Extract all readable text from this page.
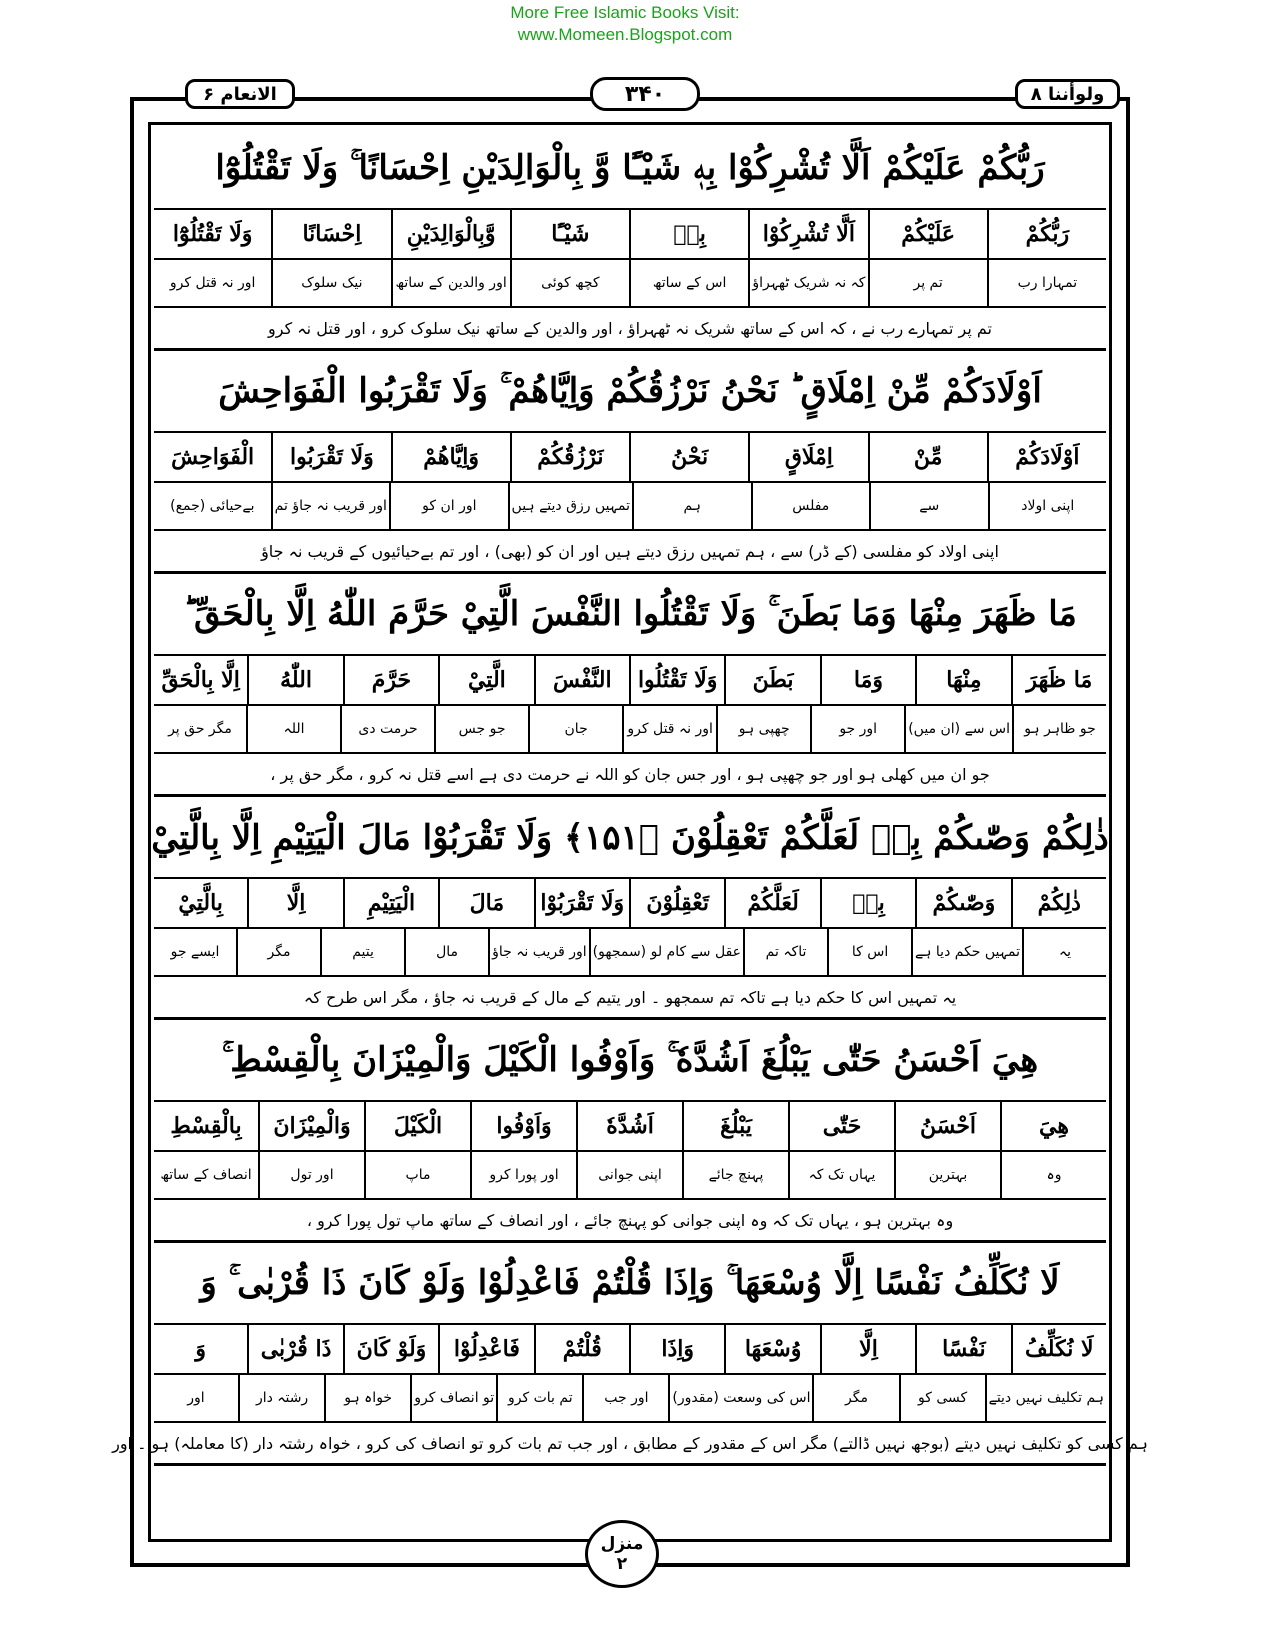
More Free Islamic Books Visit:
www.Momeen.Blogspot.com
الانعام ۶	۳۴۰	ولوأننا ۸
رَبُّكُمْ عَلَيْكُمْ اَلَّا تُشْرِكُوْا بِهٖ شَيْـًٔا وَّ بِالْوَالِدَيْنِ اِحْسَانًا ۚ وَلَا تَقْتُلُوْٓا
رَبُّكُمْ
عَلَيْكُمْ
اَلَّا تُشْرِكُوْا
بِهٖ
شَيْـًٔا
وَّبِالْوَالِدَيْنِ
اِحْسَانًا
وَلَا تَقْتُلُوْٓا
تمہارا رب
تم پر
کہ نہ شریک ٹھہراؤ
اس کے ساتھ
کچھ کوئی
اور والدین کے ساتھ
نیک سلوک
اور نہ قتل کرو
تم پر تمہارے رب نے ، کہ اس کے ساتھ شریک نہ ٹھہراؤ ، اور والدین کے ساتھ نیک سلوک کرو ، اور قتل نہ کرو
اَوْلَادَكُمْ مِّنْ اِمْلَاقٍ ؕ نَحْنُ نَرْزُقُكُمْ وَاِيَّاهُمْ ۚ وَلَا تَقْرَبُوا الْفَوَاحِشَ
اَوْلَادَكُمْ
مِّنْ
اِمْلَاقٍ
نَحْنُ
نَرْزُقُكُمْ
وَاِيَّاهُمْ
وَلَا تَقْرَبُوا
الْفَوَاحِشَ
اپنی اولاد
سے
مفلس
ہم
تمہیں رزق دیتے ہیں
اور ان کو
اور قریب نہ جاؤ تم
بےحیائی (جمع)
اپنی اولاد کو مفلسی (کے ڈر) سے ، ہم تمہیں رزق دیتے ہیں اور ان کو (بھی) ، اور تم بےحیائیوں کے قریب نہ جاؤ
مَا ظَهَرَ مِنْهَا وَمَا بَطَنَ ۚ وَلَا تَقْتُلُوا النَّفْسَ الَّتِيْ حَرَّمَ اللّٰهُ اِلَّا بِالْحَقِّ ؕ
مَا ظَهَرَ
مِنْهَا
وَمَا
بَطَنَ
وَلَا تَقْتُلُوا
النَّفْسَ
الَّتِيْ
حَرَّمَ
اللّٰهُ
اِلَّا بِالْحَقِّ
جو ظاہر ہو
اس سے (ان میں)
اور جو
چھپی ہو
اور نہ قتل کرو
جان
جو جس
حرمت دی
اللہ
مگر حق پر
جو ان میں کھلی ہو اور جو چھپی ہو ، اور جس جان کو اللہ نے حرمت دی ہے اسے قتل نہ کرو ، مگر حق پر ،
ذٰلِكُمْ وَصّٰىكُمْ بِهٖ لَعَلَّكُمْ تَعْقِلُوْنَ ﴿۱۵۱﴾ وَلَا تَقْرَبُوْا مَالَ الْيَتِيْمِ اِلَّا بِالَّتِيْ
ذٰلِكُمْ
وَصّٰىكُمْ
بِهٖ
لَعَلَّكُمْ
تَعْقِلُوْنَ
وَلَا تَقْرَبُوْا
مَالَ
الْيَتِيْمِ
اِلَّا
بِالَّتِيْ
یہ
تمہیں حکم دیا ہے
اس کا
تاکہ تم
عقل سے کام لو (سمجھو)
اور قریب نہ جاؤ
مال
یتیم
مگر
ایسے جو
یہ تمہیں اس کا حکم دیا ہے تاکہ تم سمجھو ۔ اور یتیم کے مال کے قریب نہ جاؤ ، مگر اس طرح کہ
هِيَ اَحْسَنُ حَتّٰى يَبْلُغَ اَشُدَّهٗ ۚ وَاَوْفُوا الْكَيْلَ وَالْمِيْزَانَ بِالْقِسْطِ ۚ
هِيَ
اَحْسَنُ
حَتّٰى
يَبْلُغَ
اَشُدَّهٗ
وَاَوْفُوا
الْكَيْلَ
وَالْمِيْزَانَ
بِالْقِسْطِ
وہ
بہترین
یہاں تک کہ
پہنچ جائے
اپنی جوانی
اور پورا کرو
ماپ
اور تول
انصاف کے ساتھ
وہ بہترین ہو ، یہاں تک کہ وہ اپنی جوانی کو پہنچ جائے ، اور انصاف کے ساتھ ماپ تول پورا کرو ،
لَا نُكَلِّفُ نَفْسًا اِلَّا وُسْعَهَا ۚ وَاِذَا قُلْتُمْ فَاعْدِلُوْا وَلَوْ كَانَ ذَا قُرْبٰى ۚ وَ
لَا نُكَلِّفُ
نَفْسًا
اِلَّا
وُسْعَهَا
وَاِذَا
قُلْتُمْ
فَاعْدِلُوْا
وَلَوْ كَانَ
ذَا قُرْبٰى
وَ
ہم تکلیف نہیں دیتے
کسی کو
مگر
اس کی وسعت (مقدور)
اور جب
تم بات کرو
تو انصاف کرو
خواہ ہو
رشتہ دار
اور
ہم کسی کو تکلیف نہیں دیتے (بوجھ نہیں ڈالتے) مگر اس کے مقدور کے مطابق ، اور جب تم بات کرو تو انصاف کی کرو ، خواہ رشتہ دار (کا معاملہ) ہو ۔ اور
منزل
۲
